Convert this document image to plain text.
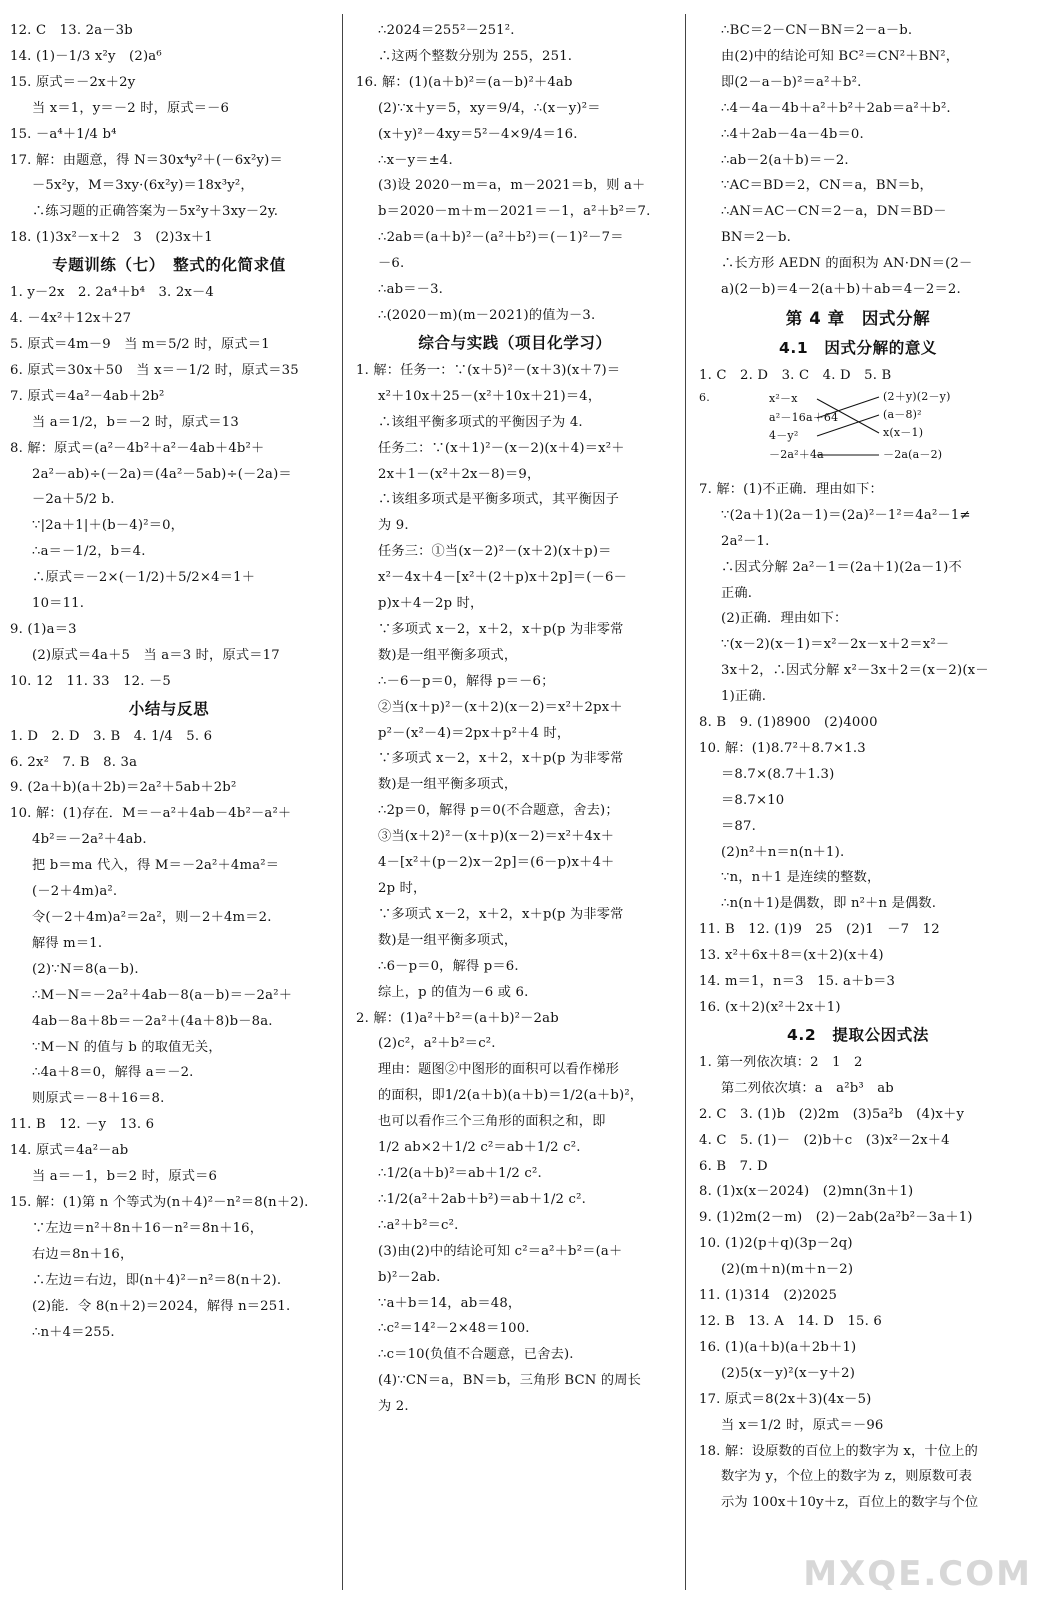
12. C　13. 2a－3b
14. (1)－1/3 x²y　(2)a⁶
15. 原式＝－2x＋2y
当 x＝1，y＝－2 时，原式＝－6
15. －a⁴＋1/4 b⁴
17. 解：由题意，得 N＝30x⁴y²＋(－6x²y)＝
－5x²y，M＝3xy·(6x²y)＝18x³y²，
∴练习题的正确答案为－5x²y＋3xy－2y.
18. (1)3x²－x＋2　3　(2)3x＋1
专题训练（七）　整式的化简求值
1. y－2x　2. 2a⁴＋b⁴　3. 2x－4
4. －4x²＋12x＋27
5. 原式＝4m－9　当 m＝5/2 时，原式＝1
6. 原式＝30x＋50　当 x＝－1/2 时，原式＝35
7. 原式＝4a²－4ab＋2b²
当 a＝1/2，b＝－2 时，原式＝13
8. 解：原式＝(a²－4b²＋a²－4ab＋4b²＋
2a²－ab)÷(－2a)＝(4a²－5ab)÷(－2a)＝
－2a＋5/2 b.
∵|2a＋1|＋(b－4)²＝0，
∴a＝－1/2，b＝4.
∴原式＝－2×(－1/2)＋5/2×4＝1＋
10＝11.
9. (1)a＝3
(2)原式＝4a＋5　当 a＝3 时，原式＝17
10. 12　11. 33　12. －5
小结与反思
1. D　2. D　3. B　4. 1/4　5. 6
6. 2x²　7. B　8. 3a
9. (2a＋b)(a＋2b)＝2a²＋5ab＋2b²
10. 解：(1)存在．M＝－a²＋4ab－4b²－a²＋
4b²＝－2a²＋4ab.
把 b＝ma 代入，得 M＝－2a²＋4ma²＝
(－2＋4m)a².
令(－2＋4m)a²＝2a²，则－2＋4m＝2.
解得 m＝1.
(2)∵N＝8(a－b).
∴M－N＝－2a²＋4ab－8(a－b)＝－2a²＋
4ab－8a＋8b＝－2a²＋(4a＋8)b－8a.
∵M－N 的值与 b 的取值无关，
∴4a＋8＝0，解得 a＝－2.
则原式＝－8＋16＝8.
11. B　12. －y　13. 6
14. 原式＝4a²－ab
当 a＝－1，b＝2 时，原式＝6
15. 解：(1)第 n 个等式为(n＋4)²－n²＝8(n＋2).
∵左边＝n²＋8n＋16－n²＝8n＋16，
右边＝8n＋16，
∴左边＝右边，即(n＋4)²－n²＝8(n＋2).
(2)能．令 8(n＋2)＝2024，解得 n＝251.
∴n＋4＝255.
∴2024＝255²－251².
∴这两个整数分别为 255，251.
16. 解：(1)(a＋b)²＝(a－b)²＋4ab
(2)∵x＋y＝5，xy＝9/4，∴(x－y)²＝
(x＋y)²－4xy＝5²－4×9/4＝16.
∴x－y＝±4.
(3)设 2020－m＝a，m－2021＝b，则 a＋
b＝2020－m＋m－2021＝－1，a²＋b²＝7.
∴2ab＝(a＋b)²－(a²＋b²)＝(－1)²－7＝
－6.
∴ab＝－3.
∴(2020－m)(m－2021)的值为－3.
综合与实践（项目化学习）
1. 解：任务一：∵(x＋5)²－(x＋3)(x＋7)＝
x²＋10x＋25－(x²＋10x＋21)＝4，
∴该组平衡多项式的平衡因子为 4.
任务二：∵(x＋1)²－(x－2)(x＋4)＝x²＋
2x＋1－(x²＋2x－8)＝9，
∴该组多项式是平衡多项式，其平衡因子
为 9.
任务三：①当(x－2)²－(x＋2)(x＋p)＝
x²－4x＋4－[x²＋(2＋p)x＋2p]＝(－6－
p)x＋4－2p 时，
∵多项式 x－2，x＋2，x＋p(p 为非零常
数)是一组平衡多项式，
∴－6－p＝0，解得 p＝－6；
②当(x＋p)²－(x＋2)(x－2)＝x²＋2px＋
p²－(x²－4)＝2px＋p²＋4 时，
∵多项式 x－2，x＋2，x＋p(p 为非零常
数)是一组平衡多项式，
∴2p＝0，解得 p＝0(不合题意，舍去)；
③当(x＋2)²－(x＋p)(x－2)＝x²＋4x＋
4－[x²＋(p－2)x－2p]＝(6－p)x＋4＋
2p 时，
∵多项式 x－2，x＋2，x＋p(p 为非零常
数)是一组平衡多项式，
∴6－p＝0，解得 p＝6.
综上，p 的值为－6 或 6.
2. 解：(1)a²＋b²＝(a＋b)²－2ab
(2)c²，a²＋b²＝c².
理由：题图②中图形的面积可以看作梯形
的面积，即1/2(a＋b)(a＋b)＝1/2(a＋b)²，
也可以看作三个三角形的面积之和，即
1/2 ab×2＋1/2 c²＝ab＋1/2 c².
∴1/2(a＋b)²＝ab＋1/2 c².
∴1/2(a²＋2ab＋b²)＝ab＋1/2 c².
∴a²＋b²＝c².
(3)由(2)中的结论可知 c²＝a²＋b²＝(a＋
b)²－2ab.
∵a＋b＝14，ab＝48，
∴c²＝14²－2×48＝100.
∴c＝10(负值不合题意，已舍去).
(4)∵CN＝a，BN＝b，三角形 BCN 的周长
为 2.
∴BC＝2－CN－BN＝2－a－b.
由(2)中的结论可知 BC²＝CN²＋BN²，
即(2－a－b)²＝a²＋b².
∴4－4a－4b＋a²＋b²＋2ab＝a²＋b².
∴4＋2ab－4a－4b＝0.
∴ab－2(a＋b)＝－2.
∵AC＝BD＝2，CN＝a，BN＝b，
∴AN＝AC－CN＝2－a，DN＝BD－
BN＝2－b.
∴长方形 AEDN 的面积为 AN·DN＝(2－
a)(2－b)＝4－2(a＋b)＋ab＝4－2＝2.
第 4 章　因式分解
4.1　因式分解的意义
1. C　2. D　3. C　4. D　5. B
6.	x²－x
a²－16a＋64
4－y²
－2a²＋4a
(2＋y)(2－y)
(a－8)²
x(x－1)
－2a(a－2)
7. 解：(1)不正确．理由如下：
∵(2a＋1)(2a－1)＝(2a)²－1²＝4a²－1≠
2a²－1.
∴因式分解 2a²－1＝(2a＋1)(2a－1)不
正确.
(2)正确．理由如下：
∵(x－2)(x－1)＝x²－2x－x＋2＝x²－
3x＋2，∴因式分解 x²－3x＋2＝(x－2)(x－
1)正确.
8. B　9. (1)8900　(2)4000
10. 解：(1)8.7²＋8.7×1.3
＝8.7×(8.7＋1.3)
＝8.7×10
＝87.
(2)n²＋n＝n(n＋1).
∵n，n＋1 是连续的整数，
∴n(n＋1)是偶数，即 n²＋n 是偶数.
11. B　12. (1)9　25　(2)1　－7　12
13. x²＋6x＋8＝(x＋2)(x＋4)
14. m＝1，n＝3　15. a＋b＝3
16. (x＋2)(x²＋2x＋1)
4.2　提取公因式法
1. 第一列依次填：2　1　2
第二列依次填：a　a²b³　ab
2. C　3. (1)b　(2)2m　(3)5a²b　(4)x＋y
4. C　5. (1)－　(2)b＋c　(3)x²－2x＋4
6. B　7. D
8. (1)x(x－2024)　(2)mn(3n＋1)
9. (1)2m(2－m)　(2)－2ab(2a²b²－3a＋1)
10. (1)2(p＋q)(3p－2q)
(2)(m＋n)(m＋n－2)
11. (1)314　(2)2025
12. B　13. A　14. D　15. 6
16. (1)(a＋b)(a＋2b＋1)
(2)5(x－y)²(x－y＋2)
17. 原式＝8(2x＋3)(4x－5)
当 x＝1/2 时，原式＝－96
18. 解：设原数的百位上的数字为 x，十位上的
数字为 y，个位上的数字为 z，则原数可表
示为 100x＋10y＋z，百位上的数字与个位
MXQE.COM
